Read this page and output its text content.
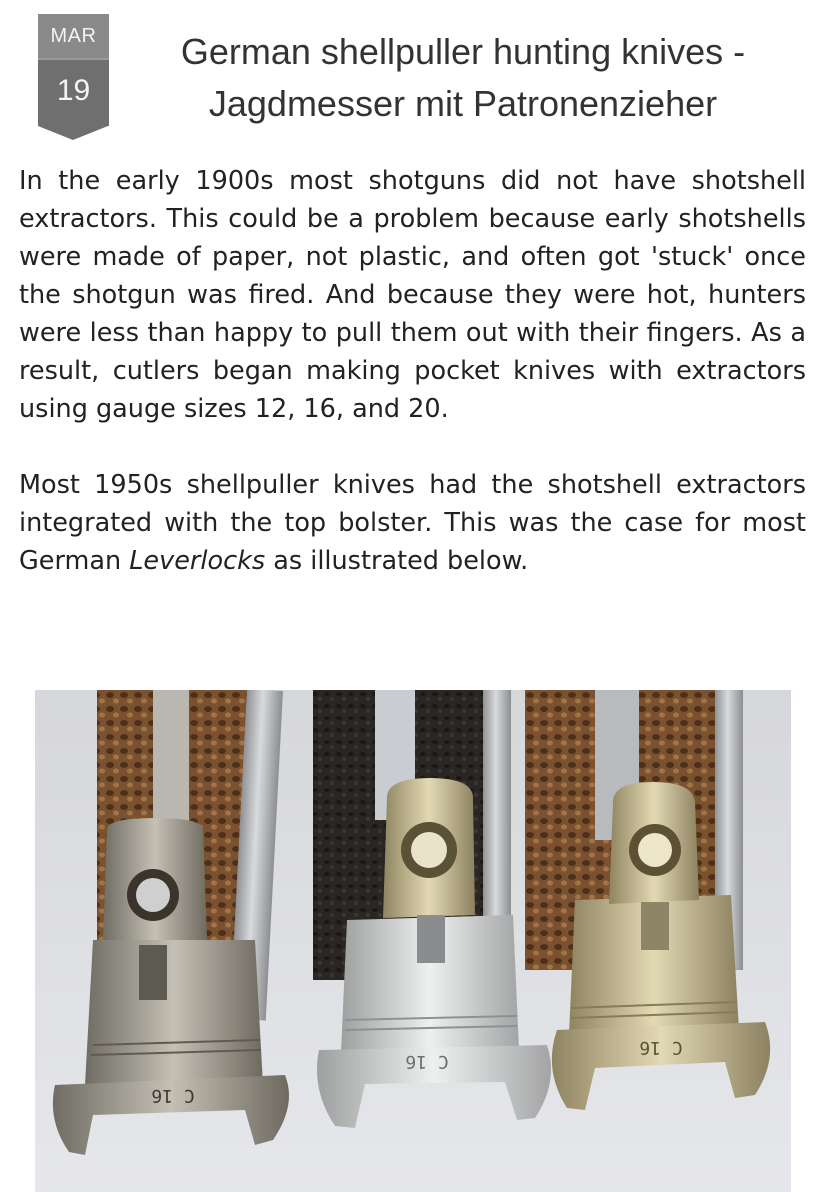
MAR
19
German shellpuller hunting knives -
Jagdmesser mit Patronenzieher

In the early 1900s most shotguns did not have shotshell extractors. This could be a problem because early shotshells were made of paper, not plastic, and often got 'stuck' once the shotgun was fired. And because they were hot, hunters were less than happy to pull them out with their fingers. As a result, cutlers began making pocket knives with extractors using gauge sizes 12, 16, and 20.

Most 1950s shellpuller knives had the shotshell extractors integrated with the top bolster. This was the case for most German Leverlocks as illustrated below.

C 16
C 16
C 16
